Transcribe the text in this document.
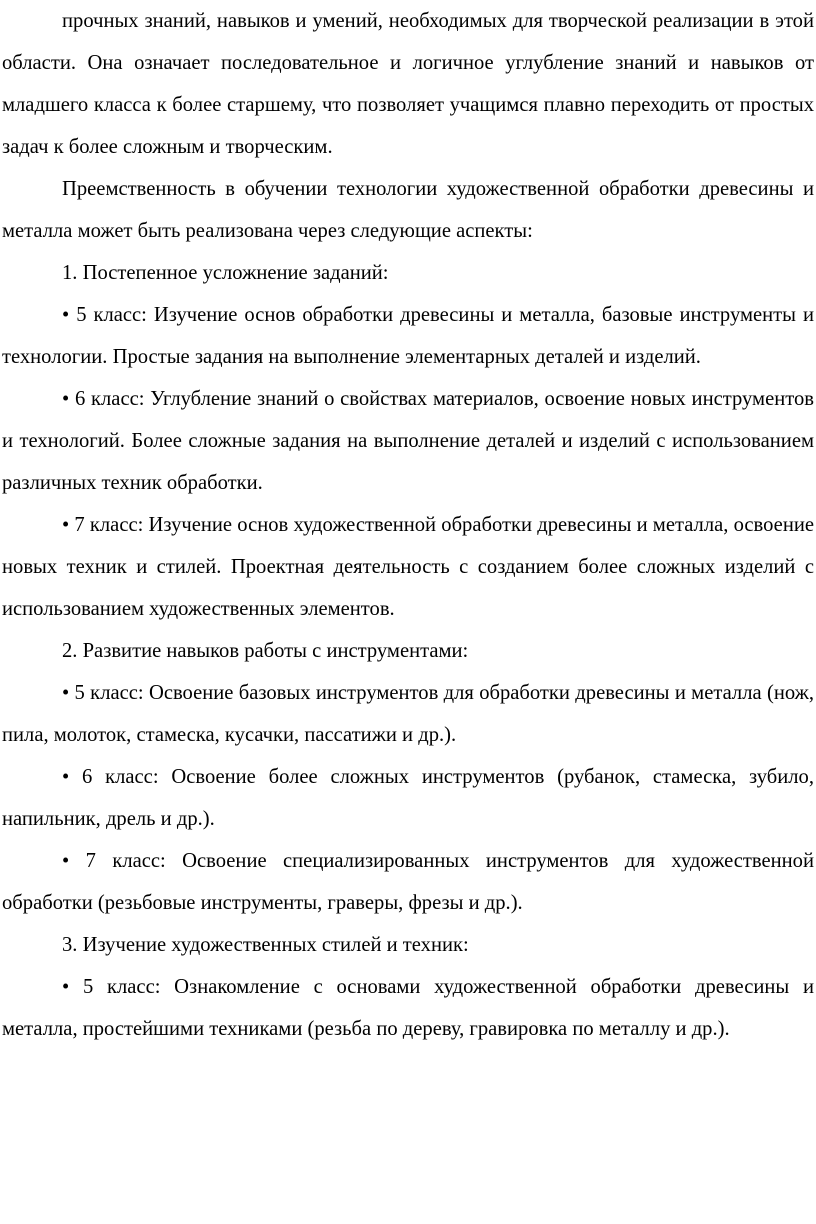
прочных знаний, навыков и умений, необходимых для творческой реализации в этой области. Она означает последовательное и логичное углубление знаний и навыков от младшего класса к более старшему, что позволяет учащимся плавно переходить от простых задач к более сложным и творческим.

Преемственность в обучении технологии художественной обработки древесины и металла может быть реализована через следующие аспекты:

1. Постепенное усложнение заданий:

• 5 класс: Изучение основ обработки древесины и металла, базовые инструменты и технологии. Простые задания на выполнение элементарных деталей и изделий.

• 6 класс: Углубление знаний о свойствах материалов, освоение новых инструментов и технологий. Более сложные задания на выполнение деталей и изделий с использованием различных техник обработки.

• 7 класс: Изучение основ художественной обработки древесины и металла, освоение новых техник и стилей. Проектная деятельность с созданием более сложных изделий с использованием художественных элементов.

2. Развитие навыков работы с инструментами:

• 5 класс: Освоение базовых инструментов для обработки древесины и металла (нож, пила, молоток, стамеска, кусачки, пассатижи и др.).

• 6 класс: Освоение более сложных инструментов (рубанок, стамеска, зубило, напильник, дрель и др.).

• 7 класс: Освоение специализированных инструментов для художественной обработки (резьбовые инструменты, граверы, фрезы и др.).

3. Изучение художественных стилей и техник:

• 5 класс: Ознакомление с основами художественной обработки древесины и металла, простейшими техниками (резьба по дереву, гравировка по металлу и др.).
